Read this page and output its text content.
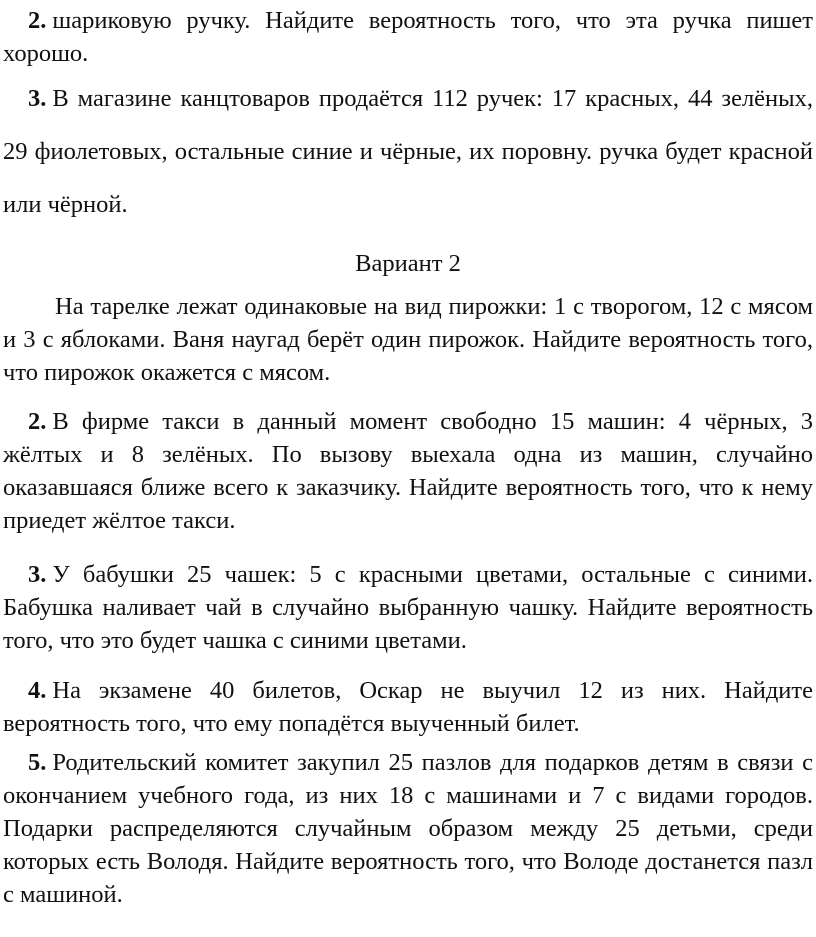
2. шариковую ручку. Найдите вероятность того, что эта ручка пишет хорошо.

3. В магазине канцтоваров продаётся 112 ручек: 17 красных, 44 зелёных, 29 фиолетовых, остальные синие и чёрные, их поровну. ручка будет красной или чёрной.

Вариант 2

На тарелке лежат одинаковые на вид пирожки: 1 с творогом, 12 с мясом и 3 с яблоками. Ваня наугад берёт один пирожок. Найдите вероятность того, что пирожок окажется с мясом.

2. В фирме такси в данный момент свободно 15 машин: 4 чёрных, 3 жёлтых и 8 зелёных. По вызову выехала одна из машин, случайно оказавшаяся ближе всего к заказчику. Найдите вероятность того, что к нему приедет жёлтое такси.

3. У бабушки 25 чашек: 5 с красными цветами, остальные с синими. Бабушка наливает чай в случайно выбранную чашку. Найдите вероятность того, что это будет чашка с синими цветами.

4. На экзамене 40 билетов, Оскар не выучил 12 из них. Найдите вероятность того, что ему попадётся выученный билет.

5. Родительский комитет закупил 25 пазлов для подарков детям в связи с окончанием учебного года, из них 18 с машинами и 7 с видами городов. Подарки распределяются случайным образом между 25 детьми, среди которых есть Володя. Найдите вероятность того, что Володе достанется пазл с машиной.
